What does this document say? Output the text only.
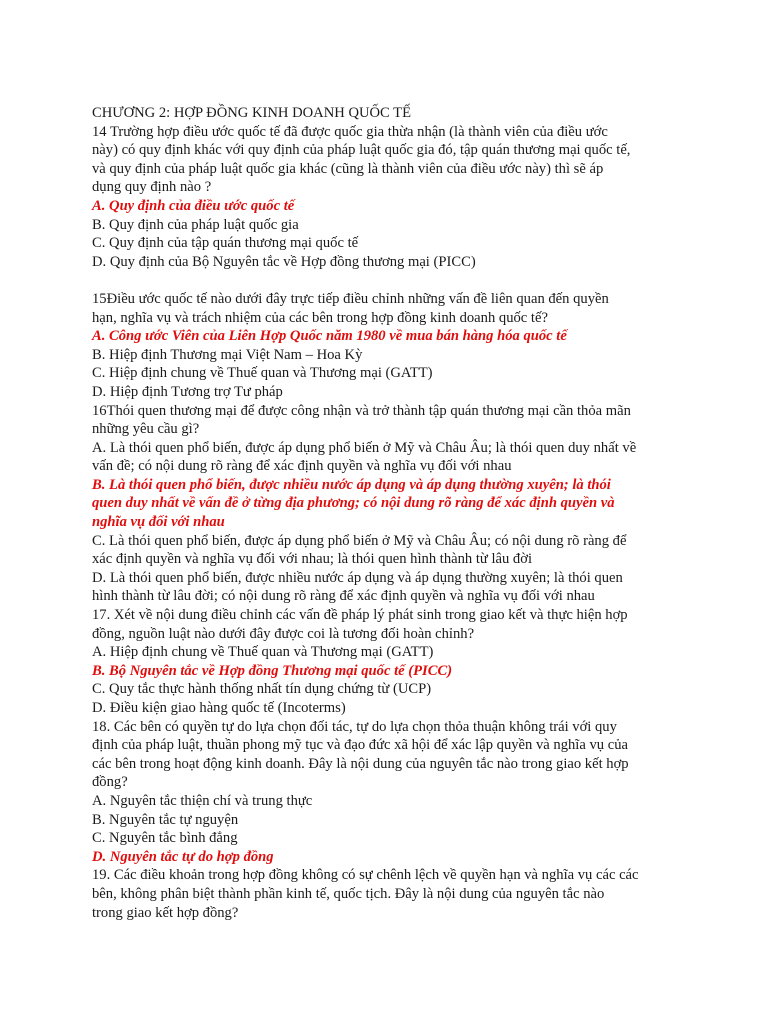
CHƯƠNG 2: HỢP ĐỒNG KINH DOANH QUỐC TẾ
14 Trường hợp điều ước quốc tế đã được quốc gia thừa nhận (là thành viên của điều ước
này) có quy định khác với quy định của pháp luật quốc gia đó, tập quán thương mại quốc tế,
và quy định của pháp luật quốc gia khác (cũng là thành viên của điều ước này) thì sẽ áp
dụng quy định nào ?
A. Quy định của điều ước quốc tế
B. Quy định của pháp luật quốc gia
C. Quy định của tập quán thương mại quốc tế
D. Quy định của Bộ Nguyên tắc về Hợp đồng thương mại (PICC)
15Điều ước quốc tế nào dưới đây trực tiếp điều chỉnh những vấn đề liên quan đến quyền
hạn, nghĩa vụ và trách nhiệm của các bên trong hợp đồng kinh doanh quốc tế?
A. Công ước Viên của Liên Hợp Quốc năm 1980 về mua bán hàng hóa quốc tế
B. Hiệp định Thương mại Việt Nam – Hoa Kỳ
C. Hiệp định chung về Thuế quan và Thương mại (GATT)
D. Hiệp định Tương trợ Tư pháp
16Thói quen thương mại để được công nhận và trở thành tập quán thương mại cần thỏa mãn
những yêu cầu gì?
A. Là thói quen phổ biến, được áp dụng phổ biến ở Mỹ và Châu Âu; là thói quen duy nhất về
vấn đề; có nội dung rõ ràng để xác định quyền và nghĩa vụ đối với nhau
B. Là thói quen phổ biến, được nhiều nước áp dụng và áp dụng thường xuyên; là thói
quen duy nhất về vấn đề ở từng địa phương; có nội dung rõ ràng để xác định quyền và
nghĩa vụ đối với nhau
C. Là thói quen phổ biến, được áp dụng phổ biến ở Mỹ và Châu Âu; có nội dung rõ ràng để
xác định quyền và nghĩa vụ đối với nhau; là thói quen hình thành từ lâu đời
D. Là thói quen phổ biến, được nhiều nước áp dụng và áp dụng thường xuyên; là thói quen
hình thành từ lâu đời; có nội dung rõ ràng để xác định quyền và nghĩa vụ đối với nhau
17. Xét về nội dung điều chỉnh các vấn đề pháp lý phát sinh trong giao kết và thực hiện hợp
đồng, nguồn luật nào dưới đây được coi là tương đối hoàn chỉnh?
A. Hiệp định chung về Thuế quan và Thương mại (GATT)
B. Bộ Nguyên tắc về Hợp đồng Thương mại quốc tế (PICC)
C. Quy tắc thực hành thống nhất tín dụng chứng từ (UCP)
D. Điều kiện giao hàng quốc tế (Incoterms)
18. Các bên có quyền tự do lựa chọn đối tác, tự do lựa chọn thỏa thuận không trái với quy
định của pháp luật, thuần phong mỹ tục và đạo đức xã hội để xác lập quyền và nghĩa vụ của
các bên trong hoạt động kinh doanh. Đây là nội dung của nguyên tắc nào trong giao kết hợp
đồng?
A. Nguyên tắc thiện chí và trung thực
B. Nguyên tắc tự nguyện
C. Nguyên tắc bình đẳng
D. Nguyên tắc tự do hợp đồng
19. Các điều khoản trong hợp đồng không có sự chênh lệch về quyền hạn và nghĩa vụ các các
bên, không phân biệt thành phần kinh tế, quốc tịch. Đây là nội dung của nguyên tắc nào
trong giao kết hợp đồng?
